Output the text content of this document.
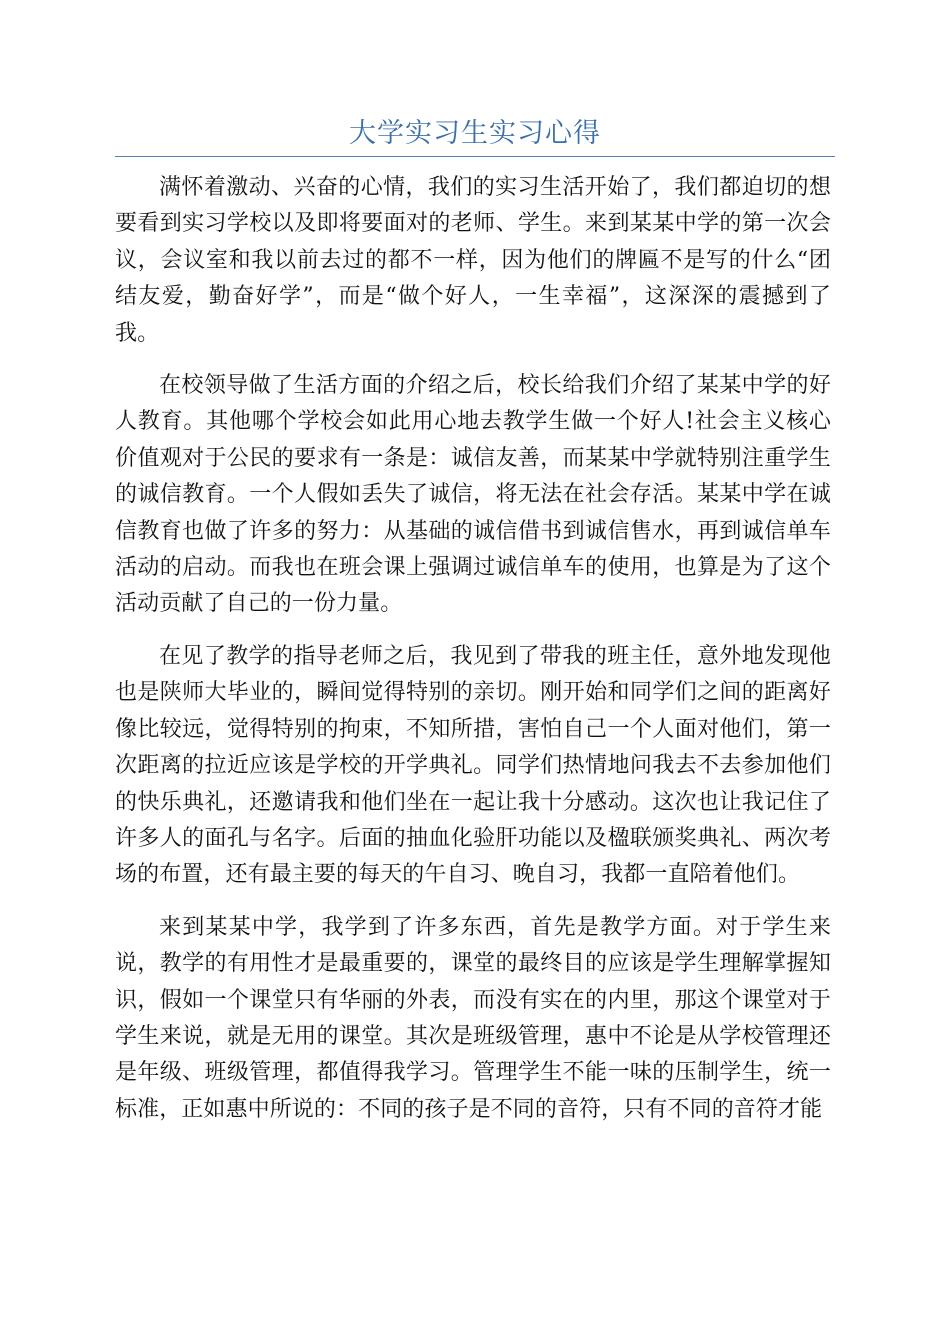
大学实习生实习心得

满怀着激动、兴奋的心情，我们的实习生活开始了，我们都迫切的想要看到实习学校以及即将要面对的老师、学生。来到某某中学的第一次会议，会议室和我以前去过的都不一样，因为他们的牌匾不是写的什么“团结友爱，勤奋好学”，而是“做个好人，一生幸福”，这深深的震撼到了我。

在校领导做了生活方面的介绍之后，校长给我们介绍了某某中学的好人教育。其他哪个学校会如此用心地去教学生做一个好人!社会主义核心价值观对于公民的要求有一条是：诚信友善，而某某中学就特别注重学生的诚信教育。一个人假如丢失了诚信，将无法在社会存活。某某中学在诚信教育也做了许多的努力：从基础的诚信借书到诚信售水，再到诚信单车活动的启动。而我也在班会课上强调过诚信单车的使用，也算是为了这个活动贡献了自己的一份力量。

在见了教学的指导老师之后，我见到了带我的班主任，意外地发现他也是陕师大毕业的，瞬间觉得特别的亲切。刚开始和同学们之间的距离好像比较远，觉得特别的拘束，不知所措，害怕自己一个人面对他们，第一次距离的拉近应该是学校的开学典礼。同学们热情地问我去不去参加他们的快乐典礼，还邀请我和他们坐在一起让我十分感动。这次也让我记住了许多人的面孔与名字。后面的抽血化验肝功能以及楹联颁奖典礼、两次考场的布置，还有最主要的每天的午自习、晚自习，我都一直陪着他们。

来到某某中学，我学到了许多东西，首先是教学方面。对于学生来说，教学的有用性才是最重要的，课堂的最终目的应该是学生理解掌握知识，假如一个课堂只有华丽的外表，而没有实在的内里，那这个课堂对于学生来说，就是无用的课堂。其次是班级管理，惠中不论是从学校管理还是年级、班级管理，都值得我学习。管理学生不能一味的压制学生，统一标准，正如惠中所说的：不同的孩子是不同的音符，只有不同的音符才能
